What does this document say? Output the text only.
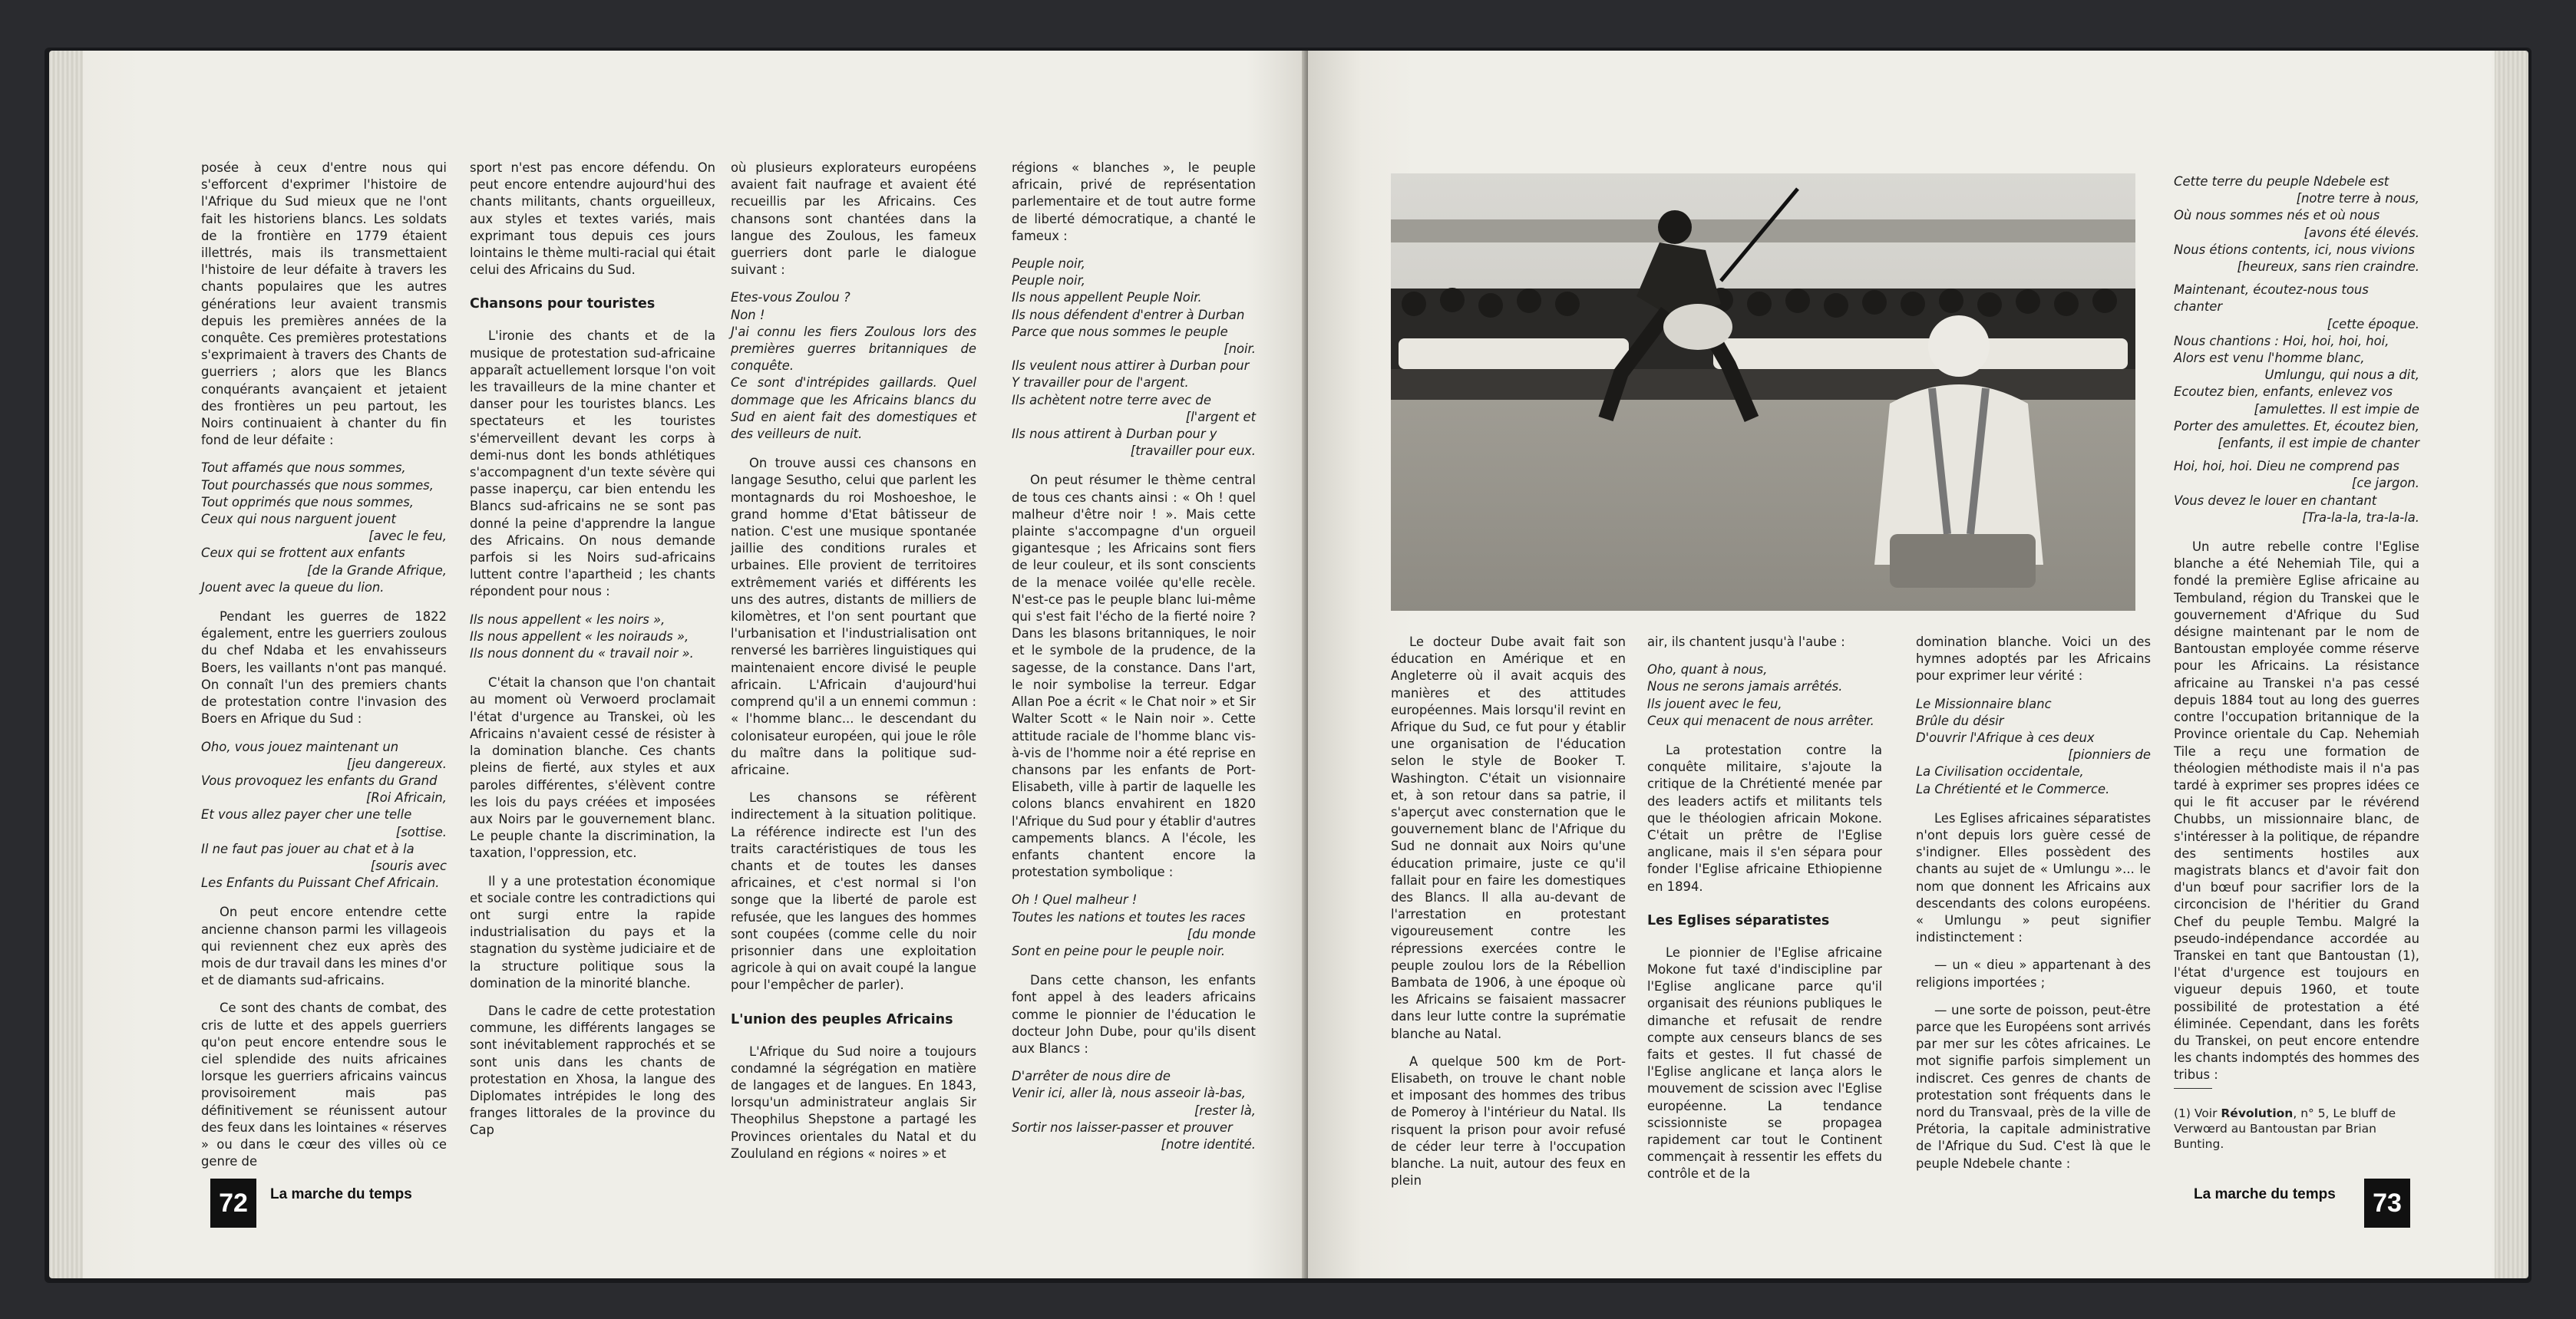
posée à ceux d'entre nous qui s'efforcent d'exprimer l'histoire de l'Afrique du Sud mieux que ne l'ont fait les historiens blancs. Les soldats de la frontière en 1779 étaient illettrés, mais ils transmettaient l'histoire de leur défaite à travers les chants populaires que les autres générations leur avaient transmis depuis les premières années de la conquête. Ces premières protestations s'exprimaient à travers des Chants de guerriers ; alors que les Blancs conquérants avançaient et jetaient des frontières un peu partout, les Noirs continuaient à chanter du fin fond de leur défaite :

Tout affamés que nous sommes,
Tout pourchassés que nous sommes,
Tout opprimés que nous sommes,
Ceux qui nous narguent jouent
[avec le feu,
Ceux qui se frottent aux enfants
[de la Grande Afrique,
Jouent avec la queue du lion.

Pendant les guerres de 1822 également, entre les guerriers zoulous du chef Ndaba et les envahisseurs Boers, les vaillants n'ont pas manqué. On connaît l'un des premiers chants de protestation contre l'invasion des Boers en Afrique du Sud :

Oho, vous jouez maintenant un
[jeu dangereux.
Vous provoquez les enfants du Grand
[Roi Africain,
Et vous allez payer cher une telle
[sottise.
Il ne faut pas jouer au chat et à la
[souris avec
Les Enfants du Puissant Chef Africain.

On peut encore entendre cette ancienne chanson parmi les villageois qui reviennent chez eux après des mois de dur travail dans les mines d'or et de diamants sud-africains.

Ce sont des chants de combat, des cris de lutte et des appels guerriers qu'on peut encore entendre sous le ciel splendide des nuits africaines lorsque les guerriers africains vaincus provisoirement mais pas définitivement se réunissent autour des feux dans les lointaines « réserves » ou dans le cœur des villes où ce genre de

sport n'est pas encore défendu. On peut encore entendre aujourd'hui des chants militants, chants orgueilleux, aux styles et textes variés, mais exprimant tous depuis ces jours lointains le thème multi-racial qui était celui des Africains du Sud.

Chansons pour touristes

L'ironie des chants et de la musique de protestation sud-africaine apparaît actuellement lorsque l'on voit les travailleurs de la mine chanter et danser pour les touristes blancs. Les spectateurs et les touristes s'émerveillent devant les corps à demi-nus dont les bonds athlétiques s'accompagnent d'un texte sévère qui passe inaperçu, car bien entendu les Blancs sud-africains ne se sont pas donné la peine d'apprendre la langue des Africains. On nous demande parfois si les Noirs sud-africains luttent contre l'apartheid ; les chants répondent pour nous :

Ils nous appellent « les noirs »,
Ils nous appellent « les noirauds »,
Ils nous donnent du « travail noir ».

C'était la chanson que l'on chantait au moment où Verwoerd proclamait l'état d'urgence au Transkei, où les Africains n'avaient cessé de résister à la domination blanche. Ces chants pleins de fierté, aux styles et aux paroles différentes, s'élèvent contre les lois du pays créées et imposées aux Noirs par le gouvernement blanc. Le peuple chante la discrimination, la taxation, l'oppression, etc.

Il y a une protestation économique et sociale contre les contradictions qui ont surgi entre la rapide industrialisation du pays et la stagnation du système judiciaire et de la structure politique sous la domination de la minorité blanche.

Dans le cadre de cette protestation commune, les différents langages se sont inévitablement rapprochés et se sont unis dans les chants de protestation en Xhosa, la langue des Diplomates intrépides le long des franges littorales de la province du Cap

où plusieurs explorateurs européens avaient fait naufrage et avaient été recueillis par les Africains. Ces chansons sont chantées dans la langue des Zoulous, les fameux guerriers dont parle le dialogue suivant :

Etes-vous Zoulou ?
Non !
J'ai connu les fiers Zoulous lors des premières guerres britanniques de conquête.
Ce sont d'intrépides gaillards. Quel dommage que les Africains blancs du Sud en aient fait des domestiques et des veilleurs de nuit.

On trouve aussi ces chansons en langage Sesutho, celui que parlent les montagnards du roi Moshoeshoe, le grand homme d'Etat bâtisseur de nation. C'est une musique spontanée jaillie des conditions rurales et urbaines. Elle provient de territoires extrêmement variés et différents les uns des autres, distants de milliers de kilomètres, et l'on sent pourtant que l'urbanisation et l'industrialisation ont renversé les barrières linguistiques qui maintenaient encore divisé le peuple africain. L'Africain d'aujourd'hui comprend qu'il a un ennemi commun : « l'homme blanc... le descendant du colonisateur européen, qui joue le rôle du maître dans la politique sud-africaine.

Les chansons se réfèrent indirectement à la situation politique. La référence indirecte est l'un des traits caractéristiques de tous les chants et de toutes les danses africaines, et c'est normal si l'on songe que la liberté de parole est refusée, que les langues des hommes sont coupées (comme celle du noir prisonnier dans une exploitation agricole à qui on avait coupé la langue pour l'empêcher de parler).

L'union des peuples Africains

L'Afrique du Sud noire a toujours condamné la ségrégation en matière de langages et de langues. En 1843, lorsqu'un administrateur anglais Sir Theophilus Shepstone a partagé les Provinces orientales du Natal et du Zoululand en régions « noires » et

régions « blanches », le peuple africain, privé de représentation parlementaire et de tout autre forme de liberté démocratique, a chanté le fameux :

Peuple noir,
Peuple noir,
Ils nous appellent Peuple Noir.
Ils nous défendent d'entrer à Durban
Parce que nous sommes le peuple
[noir.
Ils veulent nous attirer à Durban pour
Y travailler pour de l'argent.
Ils achètent notre terre avec de
[l'argent et
Ils nous attirent à Durban pour y
[travailler pour eux.

On peut résumer le thème central de tous ces chants ainsi : « Oh ! quel malheur d'être noir ! ». Mais cette plainte s'accompagne d'un orgueil gigantesque ; les Africains sont fiers de leur couleur, et ils sont conscients de la menace voilée qu'elle recèle. N'est-ce pas le peuple blanc lui-même qui s'est fait l'écho de la fierté noire ? Dans les blasons britanniques, le noir et le symbole de la prudence, de la sagesse, de la constance. Dans l'art, le noir symbolise la terreur. Edgar Allan Poe a écrit « le Chat noir » et Sir Walter Scott « le Nain noir ». Cette attitude raciale de l'homme blanc vis-à-vis de l'homme noir a été reprise en chansons par les enfants de Port-Elisabeth, ville à partir de laquelle les colons blancs envahirent en 1820 l'Afrique du Sud pour y établir d'autres campements blancs. A l'école, les enfants chantent encore la protestation symbolique :

Oh ! Quel malheur !
Toutes les nations et toutes les races
[du monde
Sont en peine pour le peuple noir.

Dans cette chanson, les enfants font appel à des leaders africains comme le pionnier de l'éducation le docteur John Dube, pour qu'ils disent aux Blancs :

D'arrêter de nous dire de
Venir ici, aller là, nous asseoir là-bas,
[rester là,
Sortir nos laisser-passer et prouver
[notre identité.
72	La marche du temps

Le docteur Dube avait fait son éducation en Amérique et en Angleterre où il avait acquis des manières et des attitudes européennes. Mais lorsqu'il revint en Afrique du Sud, ce fut pour y établir une organisation de l'éducation selon le style de Booker T. Washington. C'était un visionnaire et, à son retour dans sa patrie, il s'aperçut avec consternation que le gouvernement blanc de l'Afrique du Sud ne donnait aux Noirs qu'une éducation primaire, juste ce qu'il fallait pour en faire les domestiques des Blancs. Il alla au-devant de l'arrestation en protestant vigoureusement contre les répressions exercées contre le peuple zoulou lors de la Rébellion Bambata de 1906, à une époque où les Africains se faisaient massacrer dans leur lutte contre la suprématie blanche au Natal.

A quelque 500 km de Port-Elisabeth, on trouve le chant noble et imposant des hommes des tribus de Pomeroy à l'intérieur du Natal. Ils risquent la prison pour avoir refusé de céder leur terre à l'occupation blanche. La nuit, autour des feux en plein

air, ils chantent jusqu'à l'aube :

Oho, quant à nous,
Nous ne serons jamais arrêtés.
Ils jouent avec le feu,
Ceux qui menacent de nous arrêter.

La protestation contre la conquête militaire, s'ajoute la critique de la Chrétienté menée par des leaders actifs et militants tels que le théologien africain Mokone. C'était un prêtre de l'Eglise anglicane, mais il s'en sépara pour fonder l'Eglise africaine Ethiopienne en 1894.

Les Eglises séparatistes

Le pionnier de l'Eglise africaine Mokone fut taxé d'indiscipline par l'Eglise anglicane parce qu'il organisait des réunions publiques le dimanche et refusait de rendre compte aux censeurs blancs de ses faits et gestes. Il fut chassé de l'Eglise anglicane et lança alors le mouvement de scission avec l'Eglise européenne. La tendance scissionniste se propagea rapidement car tout le Continent commençait à ressentir les effets du contrôle et de la

domination blanche. Voici un des hymnes adoptés par les Africains pour exprimer leur vérité :

Le Missionnaire blanc
Brûle du désir
D'ouvrir l'Afrique à ces deux
[pionniers de
La Civilisation occidentale,
La Chrétienté et le Commerce.

Les Eglises africaines séparatistes n'ont depuis lors guère cessé de s'indigner. Elles possèdent des chants au sujet de « Umlungu »... le nom que donnent les Africains aux descendants des colons européens. « Umlungu » peut signifier indistinctement :

— un « dieu » appartenant à des religions importées ;

— une sorte de poisson, peut-être parce que les Européens sont arrivés par mer sur les côtes africaines. Le mot signifie parfois simplement un indiscret. Ces genres de chants de protestation sont fréquents dans le nord du Transvaal, près de la ville de Prétoria, la capitale administrative de l'Afrique du Sud. C'est là que le peuple Ndebele chante :

Cette terre du peuple Ndebele est
[notre terre à nous,
Où nous sommes nés et où nous
[avons été élevés.
Nous étions contents, ici, nous vivions
[heureux, sans rien craindre.
Maintenant, écoutez-nous tous chanter
[cette époque.
Nous chantions : Hoi, hoi, hoi, hoi,
Alors est venu l'homme blanc,
Umlungu, qui nous a dit,
Ecoutez bien, enfants, enlevez vos
[amulettes. Il est impie de
Porter des amulettes. Et, écoutez bien,
[enfants, il est impie de chanter
Hoi, hoi, hoi. Dieu ne comprend pas
[ce jargon.
Vous devez le louer en chantant
[Tra-la-la, tra-la-la.

Un autre rebelle contre l'Eglise blanche a été Nehemiah Tile, qui a fondé la première Eglise africaine au Tembuland, région du Transkei que le gouvernement d'Afrique du Sud désigne maintenant par le nom de Bantoustan employée comme réserve pour les Africains. La résistance africaine au Transkei n'a pas cessé depuis 1884 tout au long des guerres contre l'occupation britannique de la Province orientale du Cap. Nehemiah Tile a reçu une formation de théologien méthodiste mais il n'a pas tardé à exprimer ses propres idées ce qui le fit accuser par le révérend Chubbs, un missionnaire blanc, de s'intéresser à la politique, de répandre des sentiments hostiles aux magistrats blancs et d'avoir fait don d'un bœuf pour sacrifier lors de la circoncision de l'héritier du Grand Chef du peuple Tembu. Malgré la pseudo-indépendance accordée au Transkei en tant que Bantoustan (1), l'état d'urgence est toujours en vigueur depuis 1960, et toute possibilité de protestation a été éliminée. Cependant, dans les forêts du Transkei, on peut encore entendre les chants indomptés des hommes des tribus :

(1) Voir Révolution, n° 5, Le bluff de Verwœrd au Bantoustan par Brian Bunting.
La marche du temps	73
